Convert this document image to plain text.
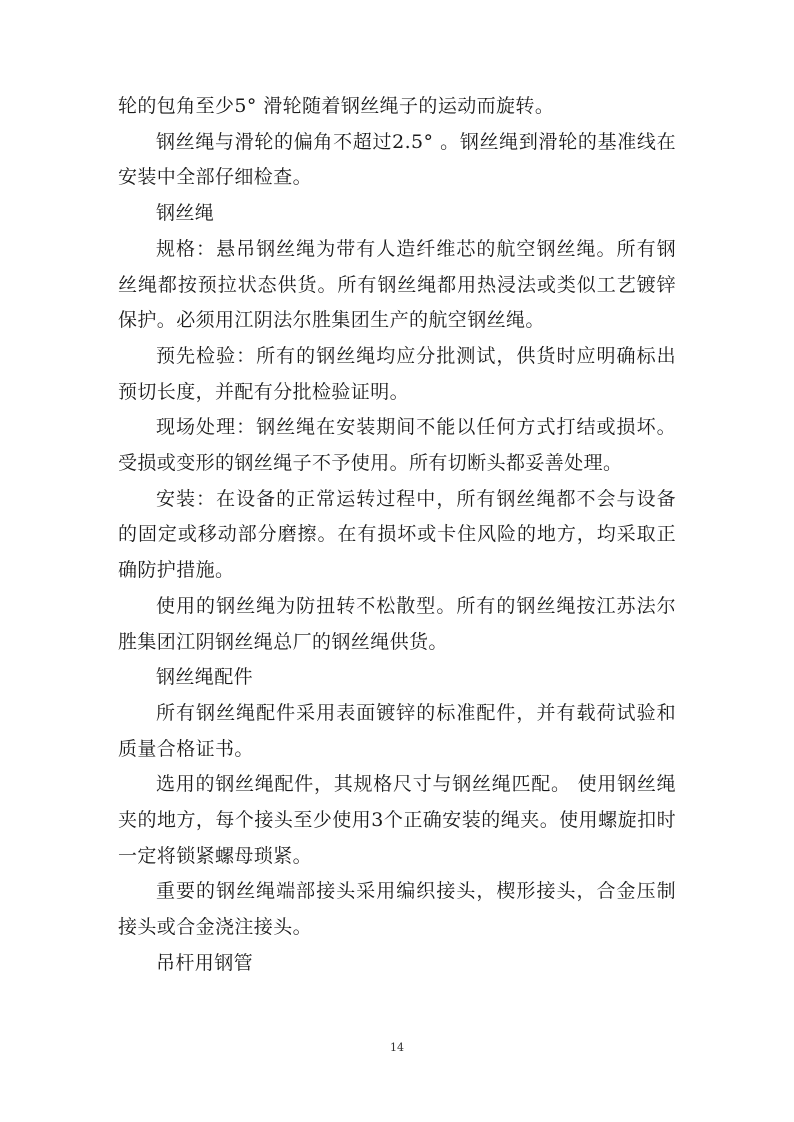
轮的包角至少5° 滑轮随着钢丝绳子的运动而旋转。

钢丝绳与滑轮的偏角不超过2.5° 。钢丝绳到滑轮的基准线在安装中全部仔细检查。

钢丝绳

规格：悬吊钢丝绳为带有人造纤维芯的航空钢丝绳。所有钢丝绳都按预拉状态供货。所有钢丝绳都用热浸法或类似工艺镀锌保护。必须用江阴法尔胜集团生产的航空钢丝绳。

预先检验：所有的钢丝绳均应分批测试，供货时应明确标出预切长度，并配有分批检验证明。

现场处理：钢丝绳在安装期间不能以任何方式打结或损坏。受损或变形的钢丝绳子不予使用。所有切断头都妥善处理。

安装：在设备的正常运转过程中，所有钢丝绳都不会与设备的固定或移动部分磨擦。在有损坏或卡住风险的地方，均采取正确防护措施。

使用的钢丝绳为防扭转不松散型。所有的钢丝绳按江苏法尔胜集团江阴钢丝绳总厂的钢丝绳供货。

钢丝绳配件

所有钢丝绳配件采用表面镀锌的标准配件，并有载荷试验和质量合格证书。

选用的钢丝绳配件，其规格尺寸与钢丝绳匹配。 使用钢丝绳夹的地方，每个接头至少使用3个正确安装的绳夹。使用螺旋扣时一定将锁紧螺母琐紧。

重要的钢丝绳端部接头采用编织接头，楔形接头，合金压制接头或合金浇注接头。

吊杆用钢管

14
